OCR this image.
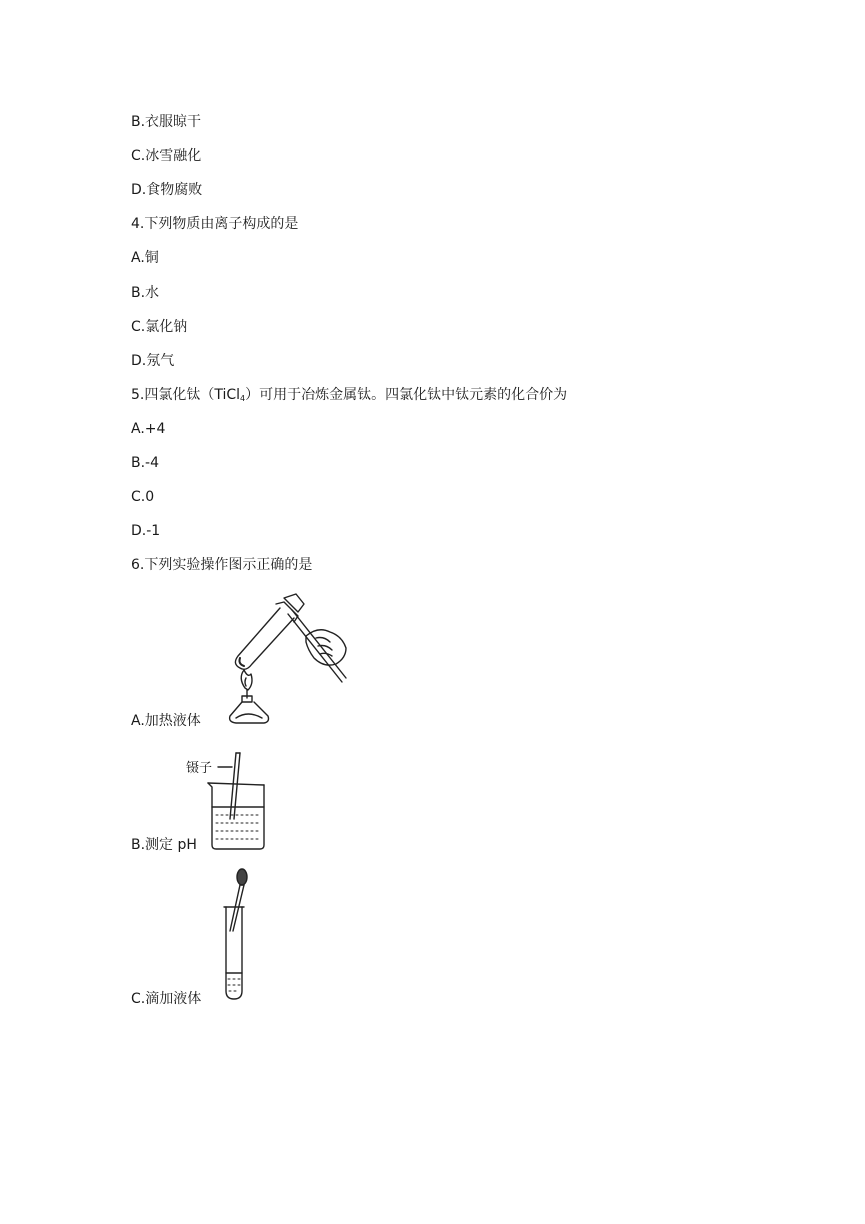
B.衣服晾干
C.冰雪融化
D.食物腐败
4.下列物质由离子构成的是
A.铜
B.水
C.氯化钠
D.氖气
5.四氯化钛（TiCl$_4$）可用于冶炼金属钛。四氯化钛中钛元素的化合价为
A.+4
B.-4
C.0
D.-1
6.下列实验操作图示正确的是
A.加热液体
镊子
B.测定 pH
C.滴加液体
